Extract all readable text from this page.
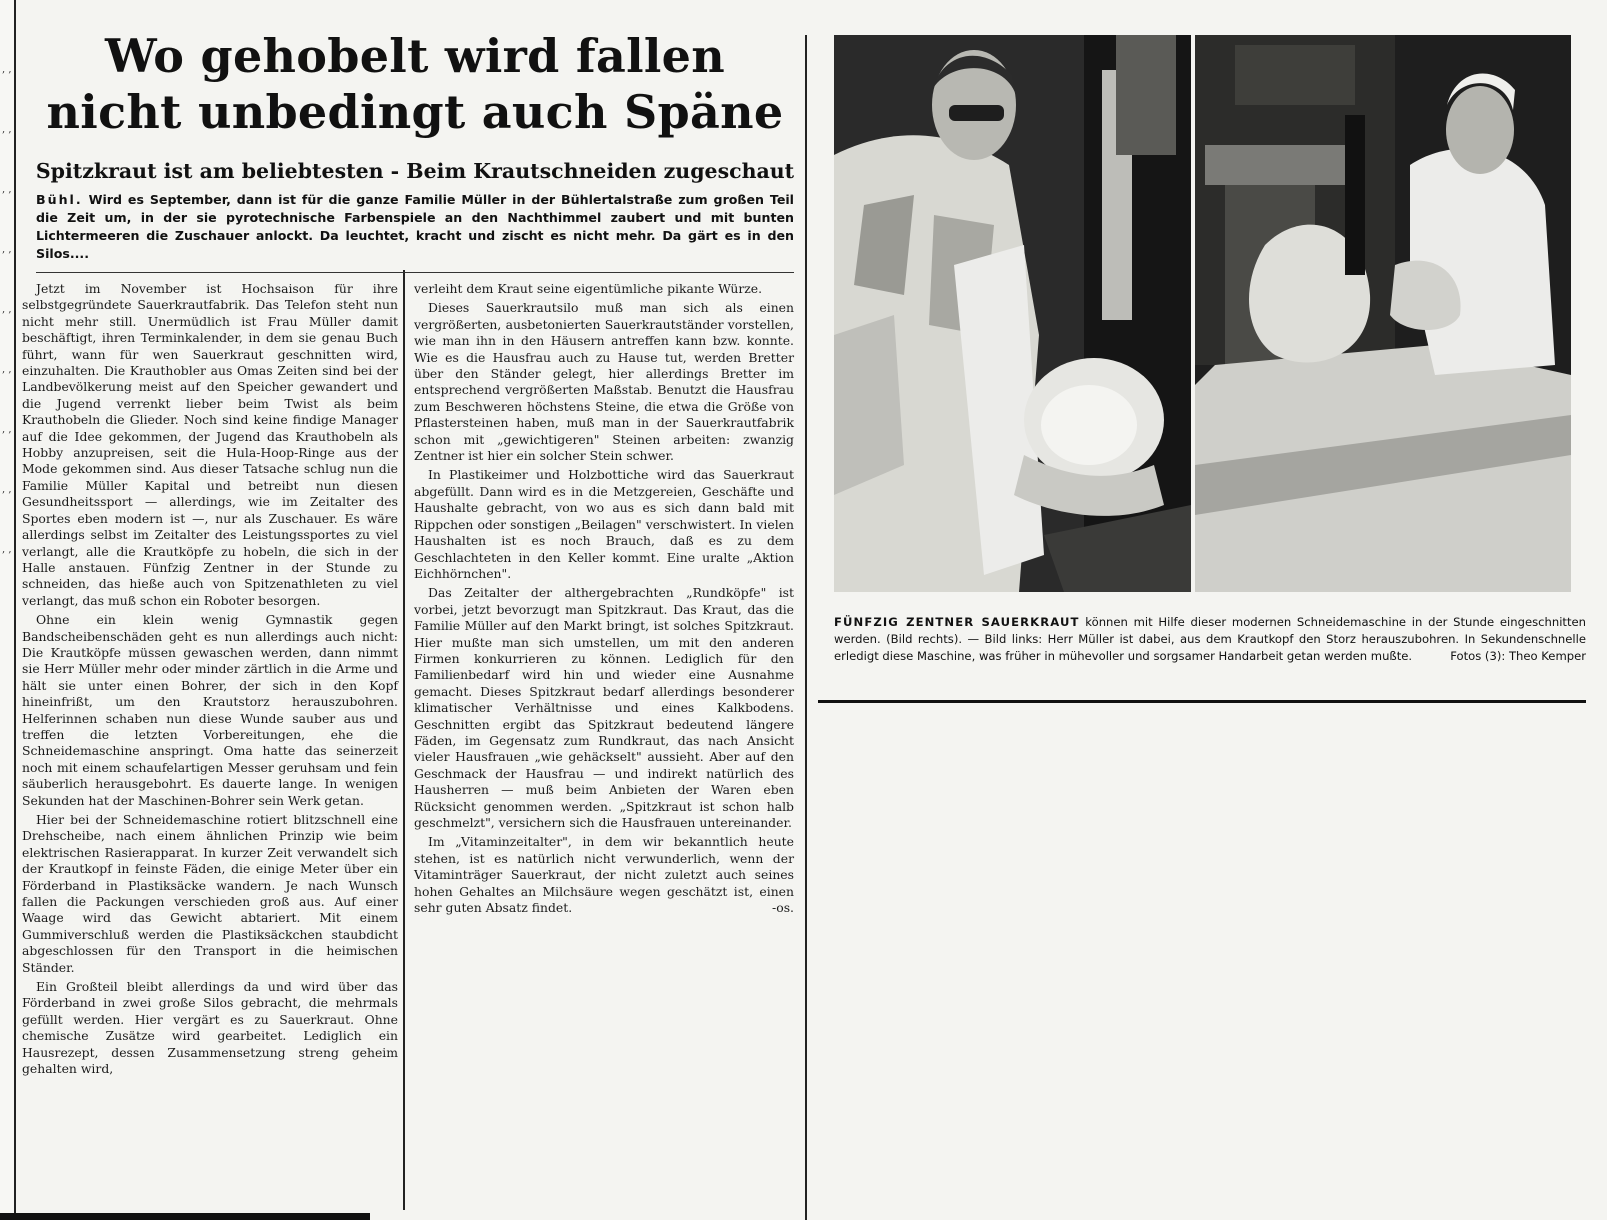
, , , , , , , , , , , , , , , , , ,
Wo gehobelt wird fallen
nicht unbedingt auch Späne
Spitzkraut ist am beliebtesten - Beim Krautschneiden zugeschaut

Bühl. Wird es September, dann ist für die ganze Familie Müller in der Bühlertalstraße zum großen Teil die Zeit um, in der sie pyrotechnische Farbenspiele an den Nachthimmel zaubert und mit bunten Lichtermeeren die Zuschauer anlockt. Da leuchtet, kracht und zischt es nicht mehr. Da gärt es in den Silos....

Jetzt im November ist Hochsaison für ihre selbstgegründete Sauerkrautfabrik. Das Telefon steht nun nicht mehr still. Unermüdlich ist Frau Müller damit beschäftigt, ihren Terminkalender, in dem sie genau Buch führt, wann für wen Sauerkraut geschnitten wird, einzuhalten. Die Krauthobler aus Omas Zeiten sind bei der Landbevölkerung meist auf den Speicher gewandert und die Jugend verrenkt lieber beim Twist als beim Krauthobeln die Glieder. Noch sind keine findige Manager auf die Idee gekommen, der Jugend das Krauthobeln als Hobby anzupreisen, seit die Hula-Hoop-Ringe aus der Mode gekommen sind. Aus dieser Tatsache schlug nun die Familie Müller Kapital und betreibt nun diesen Gesundheitssport — allerdings, wie im Zeitalter des Sportes eben modern ist —, nur als Zuschauer. Es wäre allerdings selbst im Zeitalter des Leistungssportes zu viel verlangt, alle die Krautköpfe zu hobeln, die sich in der Halle anstauen. Fünfzig Zentner in der Stunde zu schneiden, das hieße auch von Spitzenathleten zu viel verlangt, das muß schon ein Roboter besorgen.

Ohne ein klein wenig Gymnastik gegen Bandscheibenschäden geht es nun allerdings auch nicht: Die Krautköpfe müssen gewaschen werden, dann nimmt sie Herr Müller mehr oder minder zärtlich in die Arme und hält sie unter einen Bohrer, der sich in den Kopf hineinfrißt, um den Krautstorz herauszubohren. Helferinnen schaben nun diese Wunde sauber aus und treffen die letzten Vorbereitungen, ehe die Schneidemaschine anspringt. Oma hatte das seinerzeit noch mit einem schaufelartigen Messer geruhsam und fein säuberlich herausgebohrt. Es dauerte lange. In wenigen Sekunden hat der Maschinen-Bohrer sein Werk getan.

Hier bei der Schneidemaschine rotiert blitzschnell eine Drehscheibe, nach einem ähnlichen Prinzip wie beim elektrischen Rasierapparat. In kurzer Zeit verwandelt sich der Krautkopf in feinste Fäden, die einige Meter über ein Förderband in Plastiksäcke wandern. Je nach Wunsch fallen die Packungen verschieden groß aus. Auf einer Waage wird das Gewicht abtariert. Mit einem Gummiverschluß werden die Plastiksäckchen staubdicht abgeschlossen für den Transport in die heimischen Ständer.

Ein Großteil bleibt allerdings da und wird über das Förderband in zwei große Silos gebracht, die mehrmals gefüllt werden. Hier vergärt es zu Sauerkraut. Ohne chemische Zusätze wird gearbeitet. Lediglich ein Hausrezept, dessen Zusammensetzung streng geheim gehalten wird,

verleiht dem Kraut seine eigentümliche pikante Würze.

Dieses Sauerkrautsilo muß man sich als einen vergrößerten, ausbetonierten Sauerkrautständer vorstellen, wie man ihn in den Häusern antreffen kann bzw. konnte. Wie es die Hausfrau auch zu Hause tut, werden Bretter über den Ständer gelegt, hier allerdings Bretter im entsprechend vergrößerten Maßstab. Benutzt die Hausfrau zum Beschweren höchstens Steine, die etwa die Größe von Pflastersteinen haben, muß man in der Sauerkrautfabrik schon mit „gewichtigeren" Steinen arbeiten: zwanzig Zentner ist hier ein solcher Stein schwer.

In Plastikeimer und Holzbottiche wird das Sauerkraut abgefüllt. Dann wird es in die Metzgereien, Geschäfte und Haushalte gebracht, von wo aus es sich dann bald mit Rippchen oder sonstigen „Beilagen" verschwistert. In vielen Haushalten ist es noch Brauch, daß es zu dem Geschlachteten in den Keller kommt. Eine uralte „Aktion Eichhörnchen".

Das Zeitalter der althergebrachten „Rundköpfe" ist vorbei, jetzt bevorzugt man Spitzkraut. Das Kraut, das die Familie Müller auf den Markt bringt, ist solches Spitzkraut. Hier mußte man sich umstellen, um mit den anderen Firmen konkurrieren zu können. Lediglich für den Familienbedarf wird hin und wieder eine Ausnahme gemacht. Dieses Spitzkraut bedarf allerdings besonderer klimatischer Verhältnisse und eines Kalkbodens. Geschnitten ergibt das Spitzkraut bedeutend längere Fäden, im Gegensatz zum Rundkraut, das nach Ansicht vieler Hausfrauen „wie gehäckselt" aussieht. Aber auf den Geschmack der Hausfrau — und indirekt natürlich des Hausherren — muß beim Anbieten der Waren eben Rücksicht genommen werden. „Spitzkraut ist schon halb geschmelzt", versichern sich die Hausfrauen untereinander.

Im „Vitaminzeitalter", in dem wir bekanntlich heute stehen, ist es natürlich nicht verwunderlich, wenn der Vitaminträger Sauerkraut, der nicht zuletzt auch seines hohen Gehaltes an Milchsäure wegen geschätzt ist, einen sehr guten Absatz findet.	-os.

FÜNFZIG ZENTNER SAUERKRAUT können mit Hilfe dieser modernen Schneidemaschine in der Stunde eingeschnitten werden. (Bild rechts). — Bild links: Herr Müller ist dabei, aus dem Krautkopf den Storz herauszubohren. In Sekundenschnelle erledigt diese Maschine, was früher in mühevoller und sorgsamer Handarbeit getan werden mußte.	Fotos (3): Theo Kemper
